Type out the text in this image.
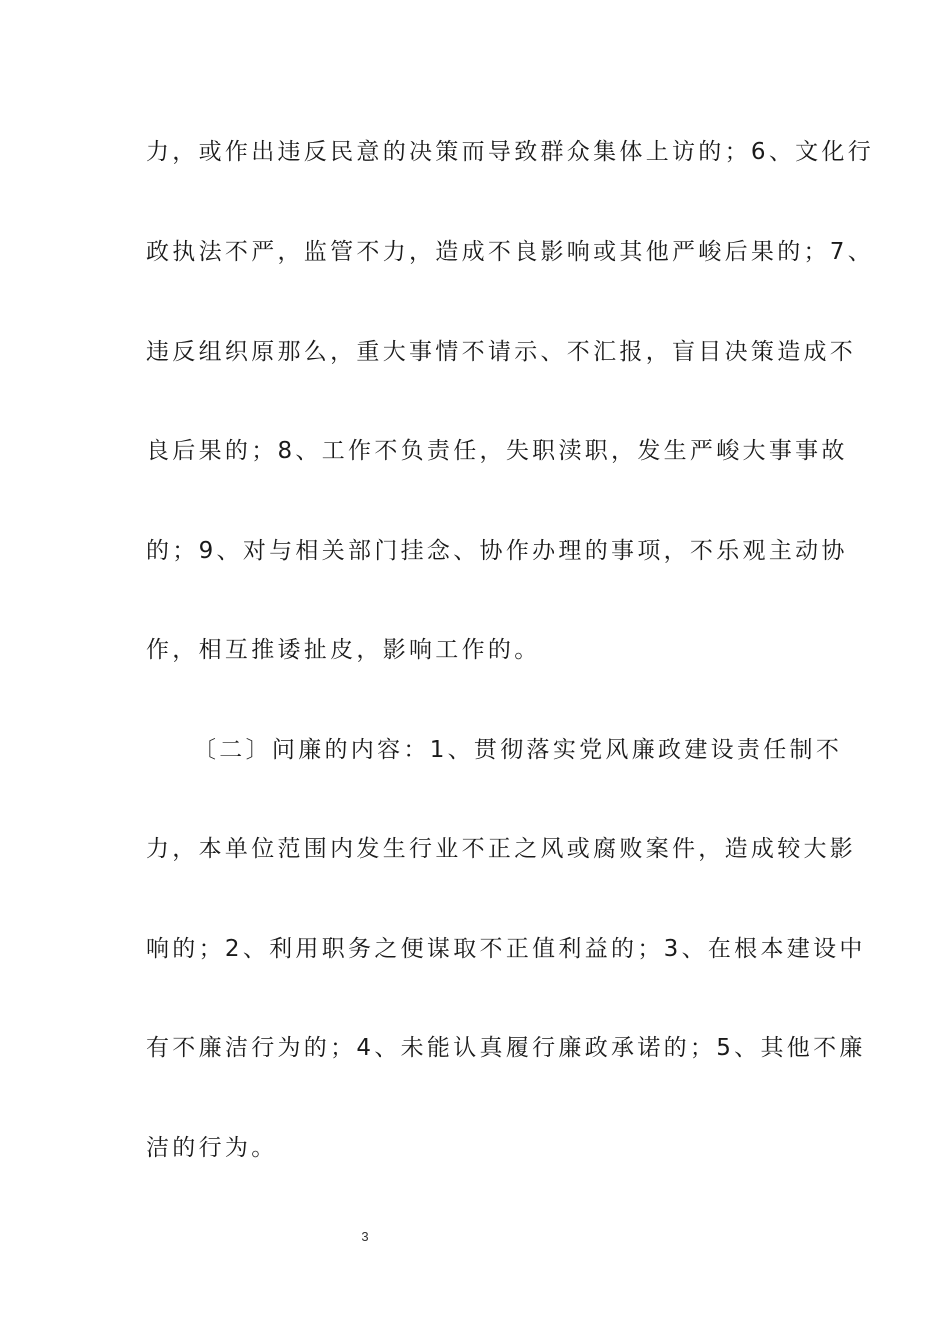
力，或作出违反民意的决策而导致群众集体上访的；6、文化行
政执法不严，监管不力，造成不良影响或其他严峻后果的；7、
违反组织原那么，重大事情不请示、不汇报，盲目决策造成不
良后果的；8、工作不负责任，失职渎职，发生严峻大事事故
的；9、对与相关部门挂念、协作办理的事项，不乐观主动协
作，相互推诿扯皮，影响工作的。
〔二〕问廉的内容：1、贯彻落实党风廉政建设责任制不
力，本单位范围内发生行业不正之风或腐败案件，造成较大影
响的；2、利用职务之便谋取不正值利益的；3、在根本建设中
有不廉洁行为的；4、未能认真履行廉政承诺的；5、其他不廉
洁的行为。
3
